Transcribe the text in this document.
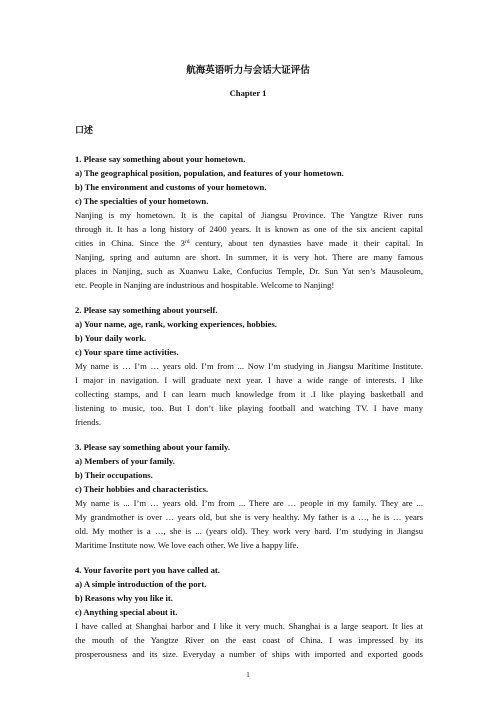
航海英语听力与会话大证评估
Chapter 1
口述
1. Please say something about your hometown.
a) The geographical position, population, and features of your hometown.
b) The environment and customs of your hometown.
c) The specialties of your hometown.
Nanjing is my hometown. It is the capital of Jiangsu Province. The Yangtze River runs
through it. It has a long history of 2400 years. It is known as one of the six ancient capital
cities in China. Since the 3rd century, about ten dynasties have made it their capital. In
Nanjing, spring and autumn are short. In summer, it is very hot. There are many famous
places in Nanjing, such as Xuanwu Lake, Confucius Temple, Dr. Sun Yat sen’s Mausoleum,
etc. People in Nanjing are industrious and hospitable. Welcome to Nanjing!
2. Please say something about yourself.
a) Your name, age, rank, working experiences, hobbies.
b) Your daily work.
c) Your spare time activities.
My name is … I’m … years old. I’m from ... Now I’m studying in Jiangsu Maritime Institute.
I major in navigation. I will graduate next year. I have a wide range of interests. I like
collecting stamps, and I can learn much knowledge from it .I like playing basketball and
listening to music, too. But I don’t like playing football and watching TV. I have many
friends.
3. Please say something about your family.
a) Members of your family.
b) Their occupations.
c) Their hobbies and characteristics.
My name is ... I’m … years old. I’m from ... There are … people in my family. They are ...
My grandmother is over … years old, but she is very healthy. My father is a …, he is … years
old. My mother is a …, she is ... (years old). They work very hard. I’m studying in Jiangsu
Maritime Institute now. We love each other. We live a happy life.
4. Your favorite port you have called at.
a) A simple introduction of the port.
b) Reasons why you like it.
c) Anything special about it.
I have called at Shanghai harbor and I like it very much. Shanghai is a large seaport. It lies at
the mouth of the Yangtze River on the east coast of China. I was impressed by its
prosperousness and its size. Everyday a number of ships with imported and exported goods
1
